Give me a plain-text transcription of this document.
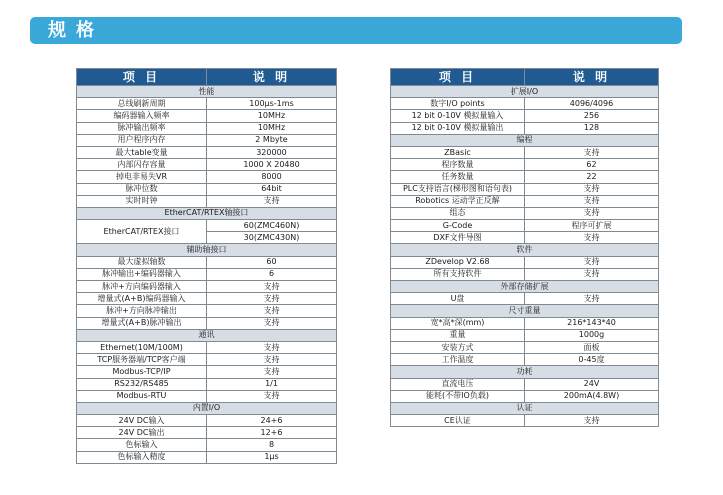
规格
项 目	说 明
性能	
总线刷新周期	100μs-1ms
编码器输入频率	10MHz
脉冲输出频率	10MHz
用户程序内存	2 Mbyte
最大table变量	320000
内部闪存容量	1000 X 20480
掉电非易失VR	8000
脉冲位数	64bit
实时时钟	支持
EtherCAT/RTEX轴接口	
EtherCAT/RTEX接口	60(ZMC460N)
	30(ZMC430N)
辅助轴接口	
最大虚拟轴数	60
脉冲输出+编码器输入	6
脉冲+方向编码器输入	支持
增量式(A+B)编码器输入	支持
脉冲+方向脉冲输出	支持
增量式(A+B)脉冲输出	支持
通讯	
Ethernet(10M/100M)	支持
TCP服务器端/TCP客户端	支持
Modbus-TCP/IP	支持
RS232/RS485	1/1
Modbus-RTU	支持
内置I/O	
24V DC输入	24+6
24V DC输出	12+6
色标输入	8
色标输入精度	1μs
项 目	说 明
扩展I/O	
数字I/O points	4096/4096
12 bit 0-10V 模拟量输入	256
12 bit 0-10V 模拟量输出	128
编程	
ZBasic	支持
程序数量	62
任务数量	22
PLC支持语言(梯形图和语句表)	支持
Robotics 运动学正反解	支持
组态	支持
G-Code	程序可扩展
DXF文件导图	支持
软件	
ZDevelop V2.68	支持
所有支持软件	支持
外部存储扩展	
U盘	支持
尺寸重量	
宽*高*深(mm)	216*143*40
重量	1000g
安装方式	面板
工作温度	0-45度
功耗	
直流电压	24V
能耗(不带IO负载)	200mA(4.8W)
认证	
CE认证	支持
